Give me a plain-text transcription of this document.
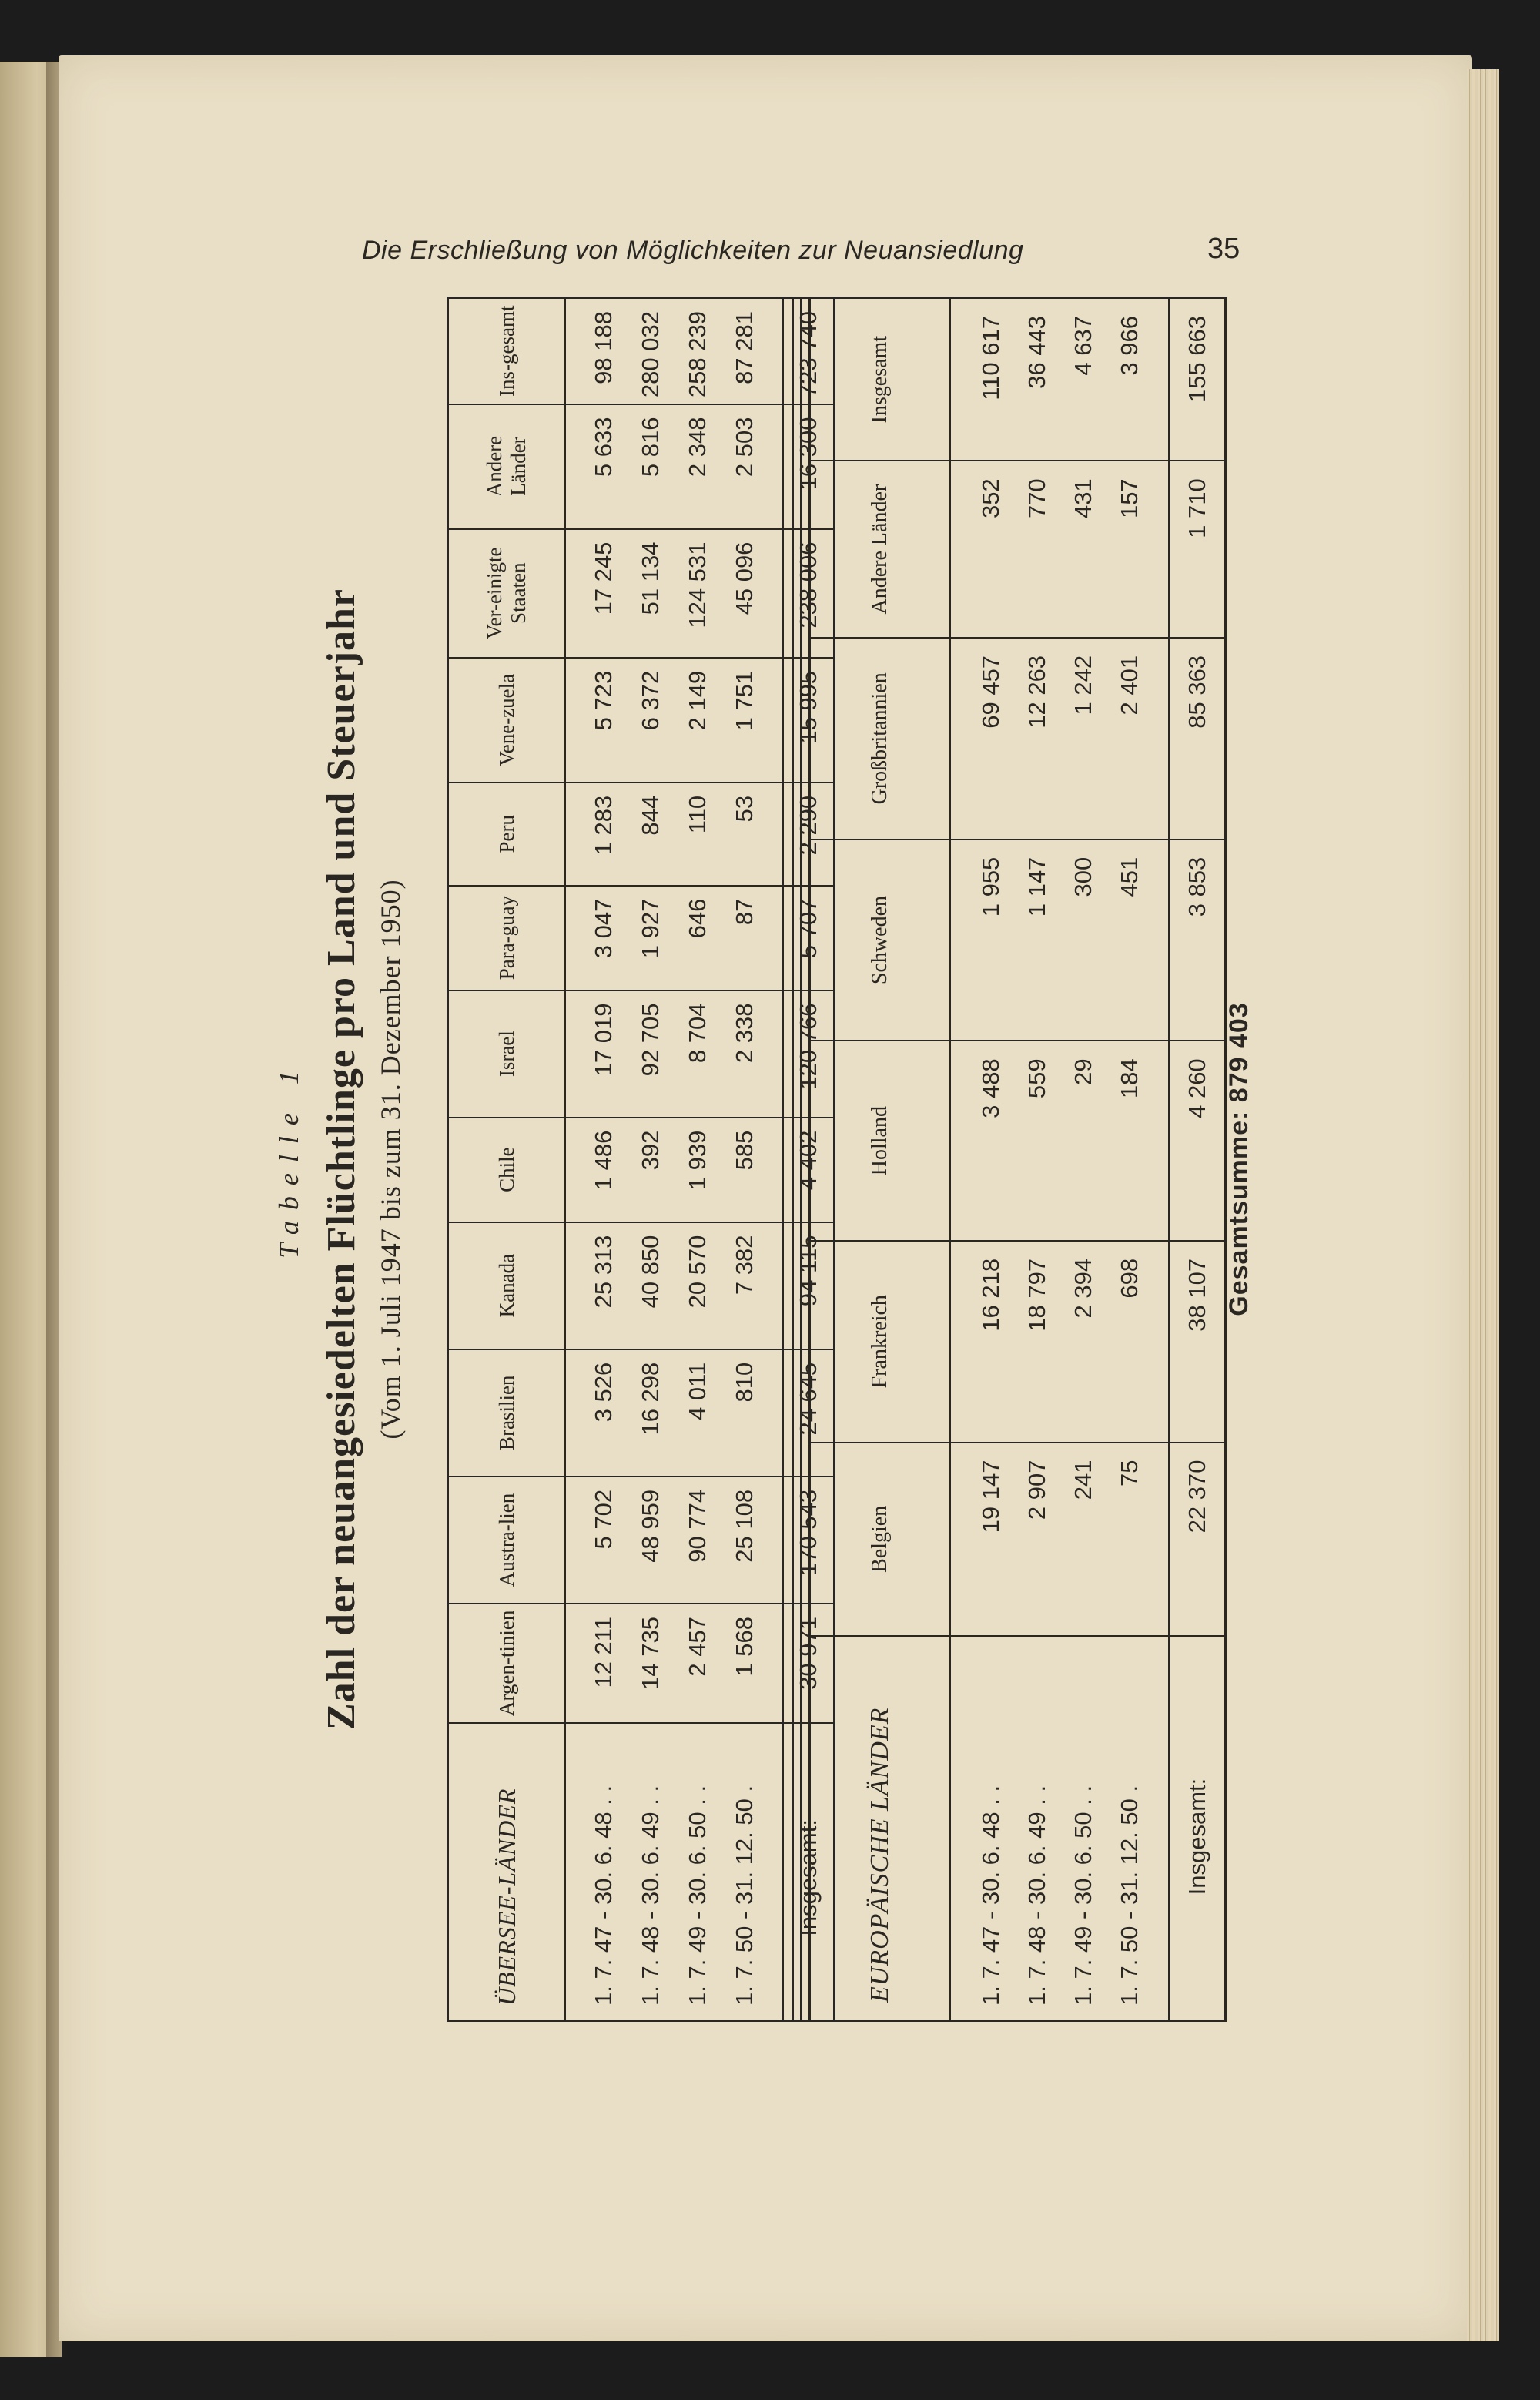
Die Erschließung von Möglichkeiten zur Neuansiedlung	35
Tabelle 1 Zahl der neuangesiedelten Flüchtlinge pro Land und Steuerjahr (Vom 1. Juli 1947 bis zum 31. Dezember 1950)
ÜBERSEE-LÄNDER	Argen-tinien	Austra-lien	Brasilien	Kanada	Chile	Israel	Para-guay	Peru	Vene-zuela	Ver-einigte Staaten	Andere Länder	Ins-gesamt
1. 7. 47 - 30. 6. 48 . .	12 211	5 702	3 526	25 313	1 486	17 019	3 047	1 283	5 723	17 245	5 633	98 188
1. 7. 48 - 30. 6. 49 . .	14 735	48 959	16 298	40 850	392	92 705	1 927	844	6 372	51 134	5 816	280 032
1. 7. 49 - 30. 6. 50 . .	2 457	90 774	4 011	20 570	1 939	8 704	646	110	2 149	124 531	2 348	258 239
1. 7. 50 - 31. 12. 50 .	1 568	25 108	810	7 382	585	2 338	87	53	1 751	45 096	2 503	87 281
Insgesamt:	30 971	170 543	24 645	94 115	4 402	120 766	5 707	2 290	15 995	238 006	16 300	723 740
EUROPÄISCHE LÄNDER	Belgien	Frankreich	Holland	Schweden	Großbritannien	Andere Länder	Insgesamt
1. 7. 47 - 30. 6. 48 . .	19 147	16 218	3 488	1 955	69 457	352	110 617
1. 7. 48 - 30. 6. 49 . .	2 907	18 797	559	1 147	12 263	770	36 443
1. 7. 49 - 30. 6. 50 . .	241	2 394	29	300	1 242	431	4 637
1. 7. 50 - 31. 12. 50 .	75	698	184	451	2 401	157	3 966
Insgesamt:	22 370	38 107	4 260	3 853	85 363	1 710	155 663
Gesamtsumme: 879 403
